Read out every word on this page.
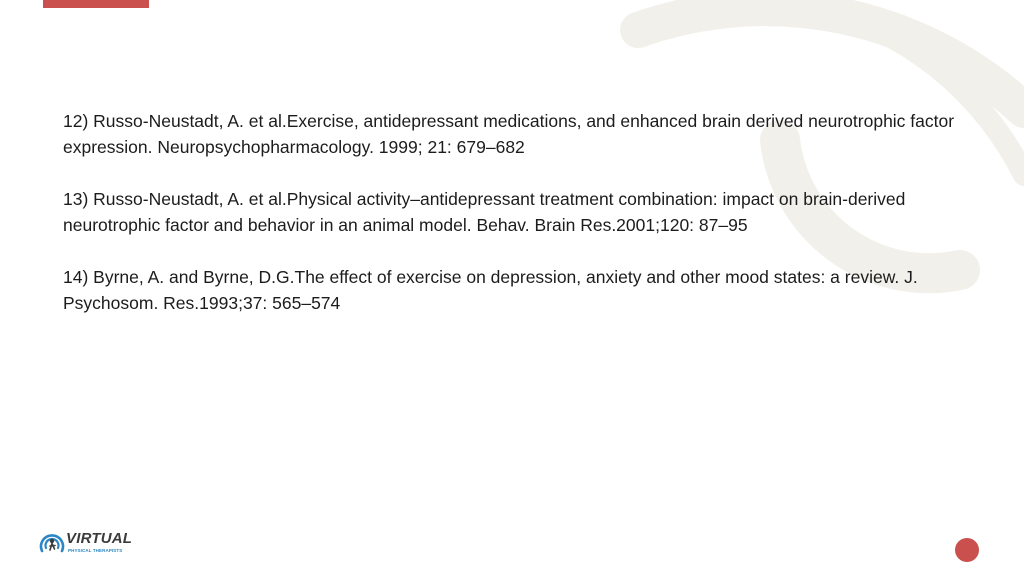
12) Russo-Neustadt, A. et al.Exercise, antidepressant medications, and enhanced brain derived neurotrophic factor expression. Neuropsychopharmacology. 1999; 21: 679–682

13) Russo-Neustadt, A. et al.Physical activity–antidepressant treatment combination: impact on brain-derived neurotrophic factor and behavior in an animal model. Behav. Brain Res.2001;120: 87–95

14) Byrne, A. and Byrne, D.G.The effect of exercise on depression, anxiety and other mood states: a review. J. Psychosom. Res.1993;37: 565–574

VIRTUAL
PHYSICAL THERAPISTS
